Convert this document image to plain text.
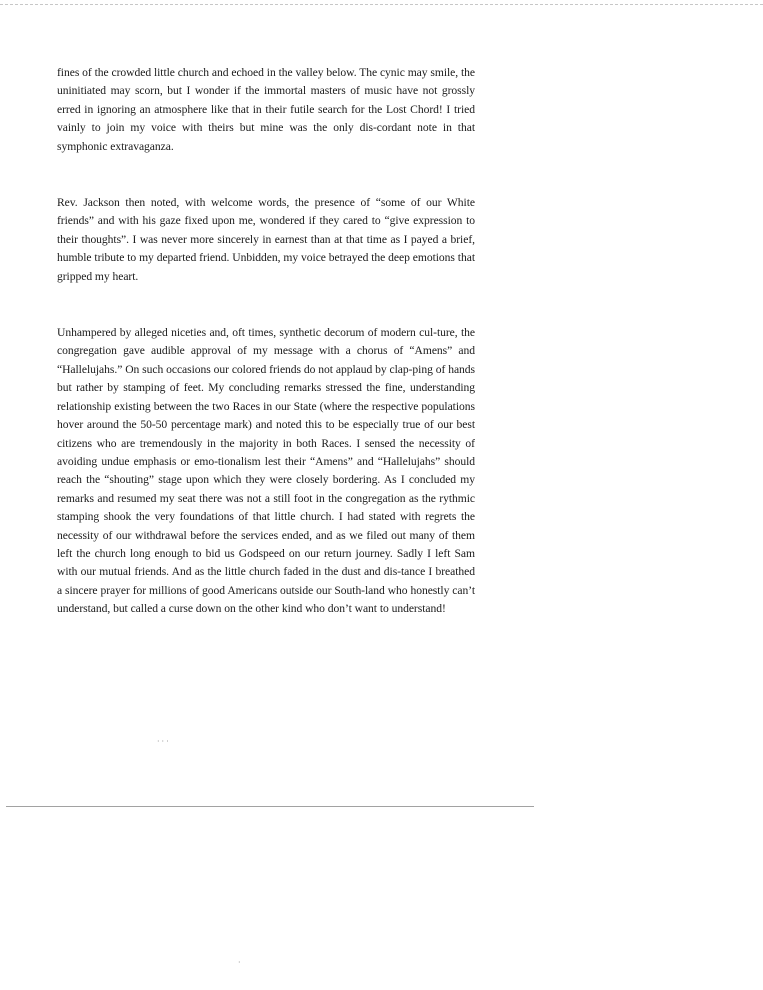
fines of the crowded little church and echoed in the valley below. The cynic may smile, the uninitiated may scorn, but I wonder if the immortal masters of music have not grossly erred in ignoring an atmosphere like that in their futile search for the Lost Chord! I tried vainly to join my voice with theirs but mine was the only dis-cordant note in that symphonic extravaganza.

Rev. Jackson then noted, with welcome words, the presence of “some of our White friends” and with his gaze fixed upon me, wondered if they cared to “give expression to their thoughts”. I was never more sincerely in earnest than at that time as I payed a brief, humble tribute to my departed friend. Unbidden, my voice betrayed the deep emotions that gripped my heart.

Unhampered by alleged niceties and, oft times, synthetic decorum of modern cul-ture, the congregation gave audible approval of my message with a chorus of “Amens” and “Hallelujahs.” On such occasions our colored friends do not applaud by clap-ping of hands but rather by stamping of feet. My concluding remarks stressed the fine, understanding relationship existing between the two Races in our State (where the respective populations hover around the 50-50 percentage mark) and noted this to be especially true of our best citizens who are tremendously in the majority in both Races. I sensed the necessity of avoiding undue emphasis or emo-tionalism lest their “Amens” and “Hallelujahs” should reach the “shouting” stage upon which they were closely bordering. As I concluded my remarks and resumed my seat there was not a still foot in the congregation as the rythmic stamping shook the very foundations of that little church. I had stated with regrets the necessity of our withdrawal before the services ended, and as we filed out many of them left the church long enough to bid us Godspeed on our return journey. Sadly I left Sam with our mutual friends. And as the little church faded in the dust and dis-tance I breathed a sincere prayer for millions of good Americans outside our South-land who honestly can’t understand, but called a curse down on the other kind who don’t want to understand!

···
·
